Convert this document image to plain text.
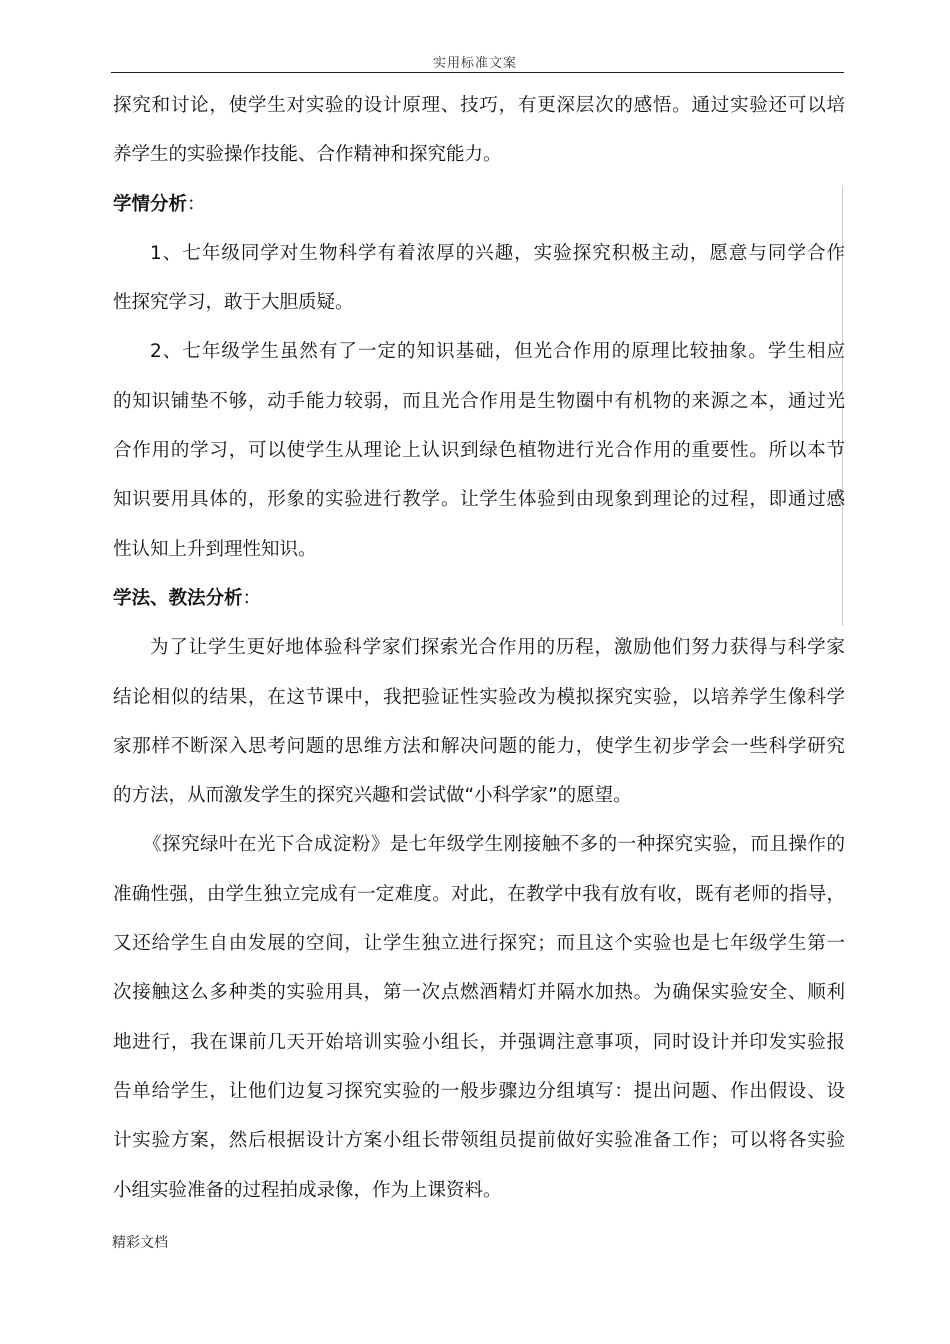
实用标准文案
探究和讨论，使学生对实验的设计原理、技巧，有更深层次的感悟。通过实验还可以培
养学生的实验操作技能、合作精神和探究能力。
学情分析：
1、七年级同学对生物科学有着浓厚的兴趣，实验探究积极主动，愿意与同学合作
性探究学习，敢于大胆质疑。
2、七年级学生虽然有了一定的知识基础，但光合作用的原理比较抽象。学生相应
的知识铺垫不够，动手能力较弱，而且光合作用是生物圈中有机物的来源之本，通过光
合作用的学习，可以使学生从理论上认识到绿色植物进行光合作用的重要性。所以本节
知识要用具体的，形象的实验进行教学。让学生体验到由现象到理论的过程，即通过感
性认知上升到理性知识。
学法、教法分析：
为了让学生更好地体验科学家们探索光合作用的历程，激励他们努力获得与科学家
结论相似的结果，在这节课中，我把验证性实验改为模拟探究实验，以培养学生像科学
家那样不断深入思考问题的思维方法和解决问题的能力，使学生初步学会一些科学研究
的方法，从而激发学生的探究兴趣和尝试做“小科学家”的愿望。
《探究绿叶在光下合成淀粉》是七年级学生刚接触不多的一种探究实验，而且操作的
准确性强，由学生独立完成有一定难度。对此，在教学中我有放有收，既有老师的指导，
又还给学生自由发展的空间，让学生独立进行探究；而且这个实验也是七年级学生第一
次接触这么多种类的实验用具，第一次点燃酒精灯并隔水加热。为确保实验安全、顺利
地进行，我在课前几天开始培训实验小组长，并强调注意事项，同时设计并印发实验报
告单给学生，让他们边复习探究实验的一般步骤边分组填写：提出问题、作出假设、设
计实验方案，然后根据设计方案小组长带领组员提前做好实验准备工作；可以将各实验
小组实验准备的过程拍成录像，作为上课资料。
精彩文档
